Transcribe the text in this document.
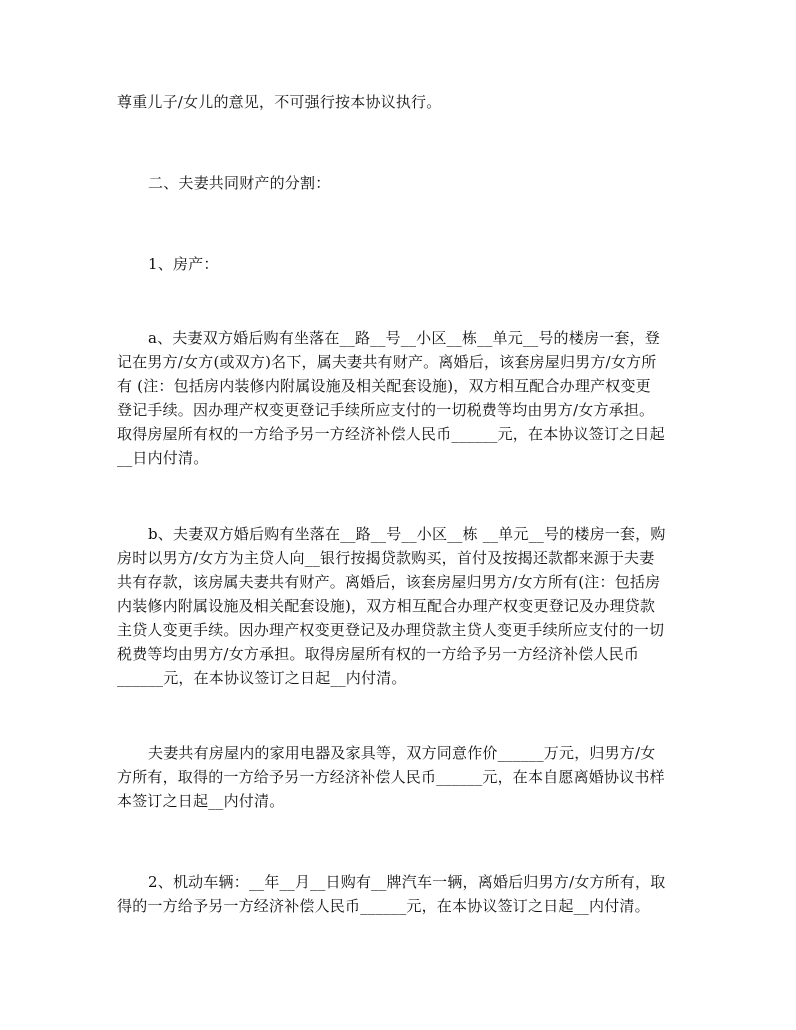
尊重儿子/女儿的意见，不可强行按本协议执行。
二、夫妻共同财产的分割：
1、房产：
a、夫妻双方婚后购有坐落在__路__号__小区__栋__单元__号的楼房一套，登
记在男方/女方(或双方)名下，属夫妻共有财产。离婚后，该套房屋归男方/女方所
有 (注：包括房内装修内附属设施及相关配套设施)，双方相互配合办理产权变更
登记手续。因办理产权变更登记手续所应支付的一切税费等均由男方/女方承担。
取得房屋所有权的一方给予另一方经济补偿人民币______元，在本协议签订之日起
__日内付清。
b、夫妻双方婚后购有坐落在__路__号__小区__栋 __单元__号的楼房一套，购
房时以男方/女方为主贷人向__银行按揭贷款购买，首付及按揭还款都来源于夫妻
共有存款，该房属夫妻共有财产。离婚后，该套房屋归男方/女方所有(注：包括房
内装修内附属设施及相关配套设施)，双方相互配合办理产权变更登记及办理贷款
主贷人变更手续。因办理产权变更登记及办理贷款主贷人变更手续所应支付的一切
税费等均由男方/女方承担。取得房屋所有权的一方给予另一方经济补偿人民币
______元，在本协议签订之日起__内付清。
夫妻共有房屋内的家用电器及家具等，双方同意作价______万元，归男方/女
方所有，取得的一方给予另一方经济补偿人民币______元，在本自愿离婚协议书样
本签订之日起__内付清。
2、机动车辆：__年__月__日购有__牌汽车一辆，离婚后归男方/女方所有，取
得的一方给予另一方经济补偿人民币______元，在本协议签订之日起__内付清。
